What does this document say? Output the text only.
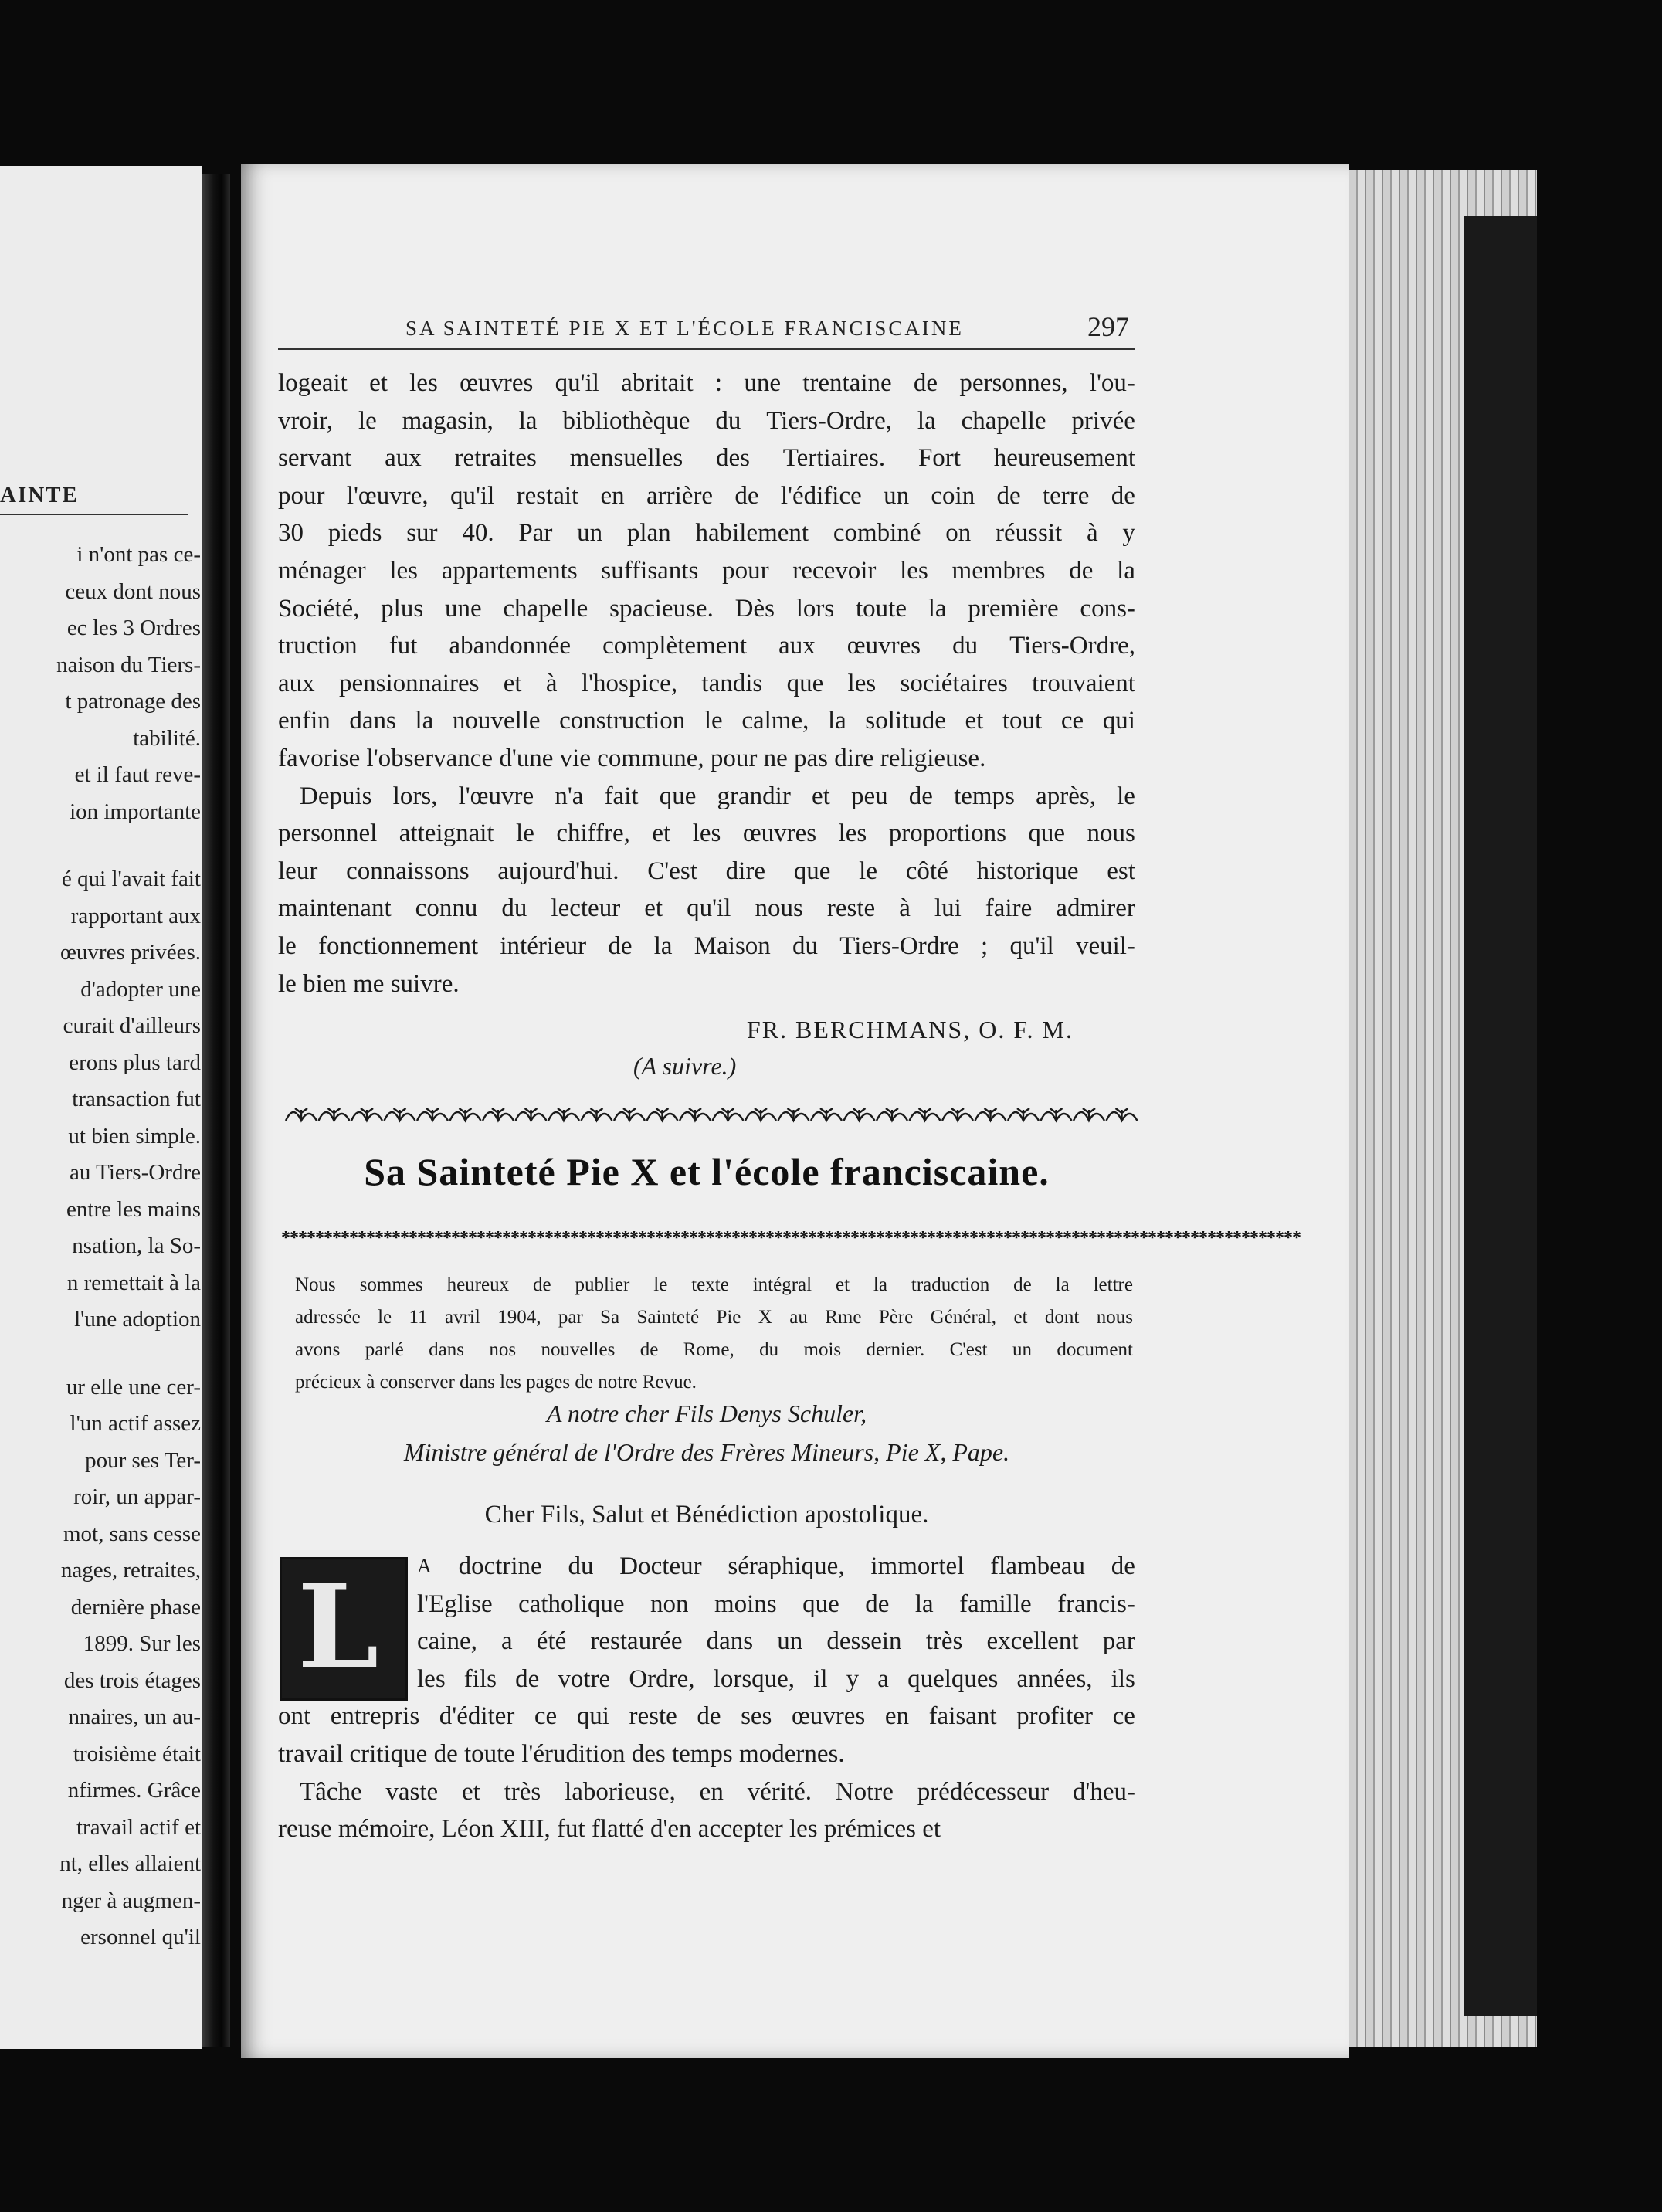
AINTE
i n'ont pas ce-
ceux dont nous
ec les 3 Ordres
naison du Tiers-
t patronage des
tabilité.
et il faut reve-
ion importante
é qui l'avait fait
rapportant aux
œuvres privées.
d'adopter une
curait d'ailleurs
erons plus tard
transaction fut
ut bien simple.
au Tiers-Ordre
entre les mains
nsation, la So-
n remettait à la
l'une adoption
ur elle une cer-
l'un actif assez
pour ses Ter-
roir, un appar-
mot, sans cesse
nages, retraites,
dernière phase
1899. Sur les
des trois étages
nnaires, un au-
troisième était
nfirmes. Grâce
travail actif et
nt, elles allaient
nger à augmen-
ersonnel qu'il
SA SAINTETÉ PIE X ET L'ÉCOLE FRANCISCAINE	297
logeait et les œuvres qu'il abritait : une trentaine de personnes, l'ou-
vroir, le magasin, la bibliothèque du Tiers-Ordre, la chapelle privée
servant aux retraites mensuelles des Tertiaires. Fort heureusement
pour l'œuvre, qu'il restait en arrière de l'édifice un coin de terre de
30 pieds sur 40. Par un plan habilement combiné on réussit à y
ménager les appartements suffisants pour recevoir les membres de la
Société, plus une chapelle spacieuse. Dès lors toute la première cons-
truction fut abandonnée complètement aux œuvres du Tiers-Ordre,
aux pensionnaires et à l'hospice, tandis que les sociétaires trouvaient
enfin dans la nouvelle construction le calme, la solitude et tout ce qui
favorise l'observance d'une vie commune, pour ne pas dire religieuse.
Depuis lors, l'œuvre n'a fait que grandir et peu de temps après, le
personnel atteignait le chiffre, et les œuvres les proportions que nous
leur connaissons aujourd'hui. C'est dire que le côté historique est
maintenant connu du lecteur et qu'il nous reste à lui faire admirer
le fonctionnement intérieur de la Maison du Tiers-Ordre ; qu'il veuil-
le bien me suivre.
FR. BERCHMANS, O. F. M.
(A suivre.)
Sa Sainteté Pie X et l'école franciscaine.
************************************************************************************************************************
Nous sommes heureux de publier le texte intégral et la traduction de la lettre
adressée le 11 avril 1904, par Sa Sainteté Pie X au Rme Père Général, et dont nous
avons parlé dans nos nouvelles de Rome, du mois dernier. C'est un document
précieux à conserver dans les pages de notre Revue.
A notre cher Fils Denys Schuler,
Ministre général de l'Ordre des Frères Mineurs, Pie X, Pape.
Cher Fils, Salut et Bénédiction apostolique.
L A doctrine du Docteur séraphique, immortel flambeau de
l'Eglise catholique non moins que de la famille francis-
caine, a été restaurée dans un dessein très excellent par
les fils de votre Ordre, lorsque, il y a quelques années, ils
ont entrepris d'éditer ce qui reste de ses œuvres en faisant profiter ce
travail critique de toute l'érudition des temps modernes.
Tâche vaste et très laborieuse, en vérité. Notre prédécesseur d'heu-
reuse mémoire, Léon XIII, fut flatté d'en accepter les prémices et
